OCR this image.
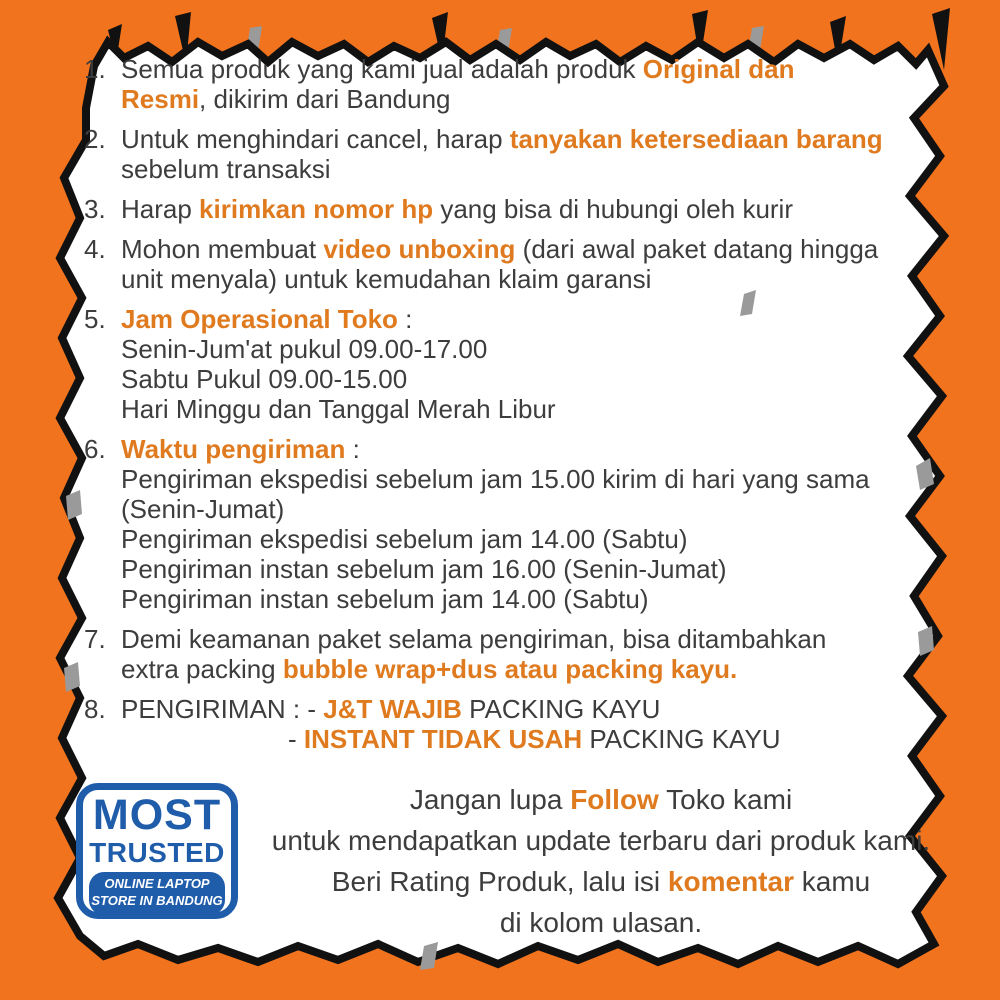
1. Semua produk yang kami jual adalah produk Original dan
Resmi, dikirim dari Bandung
2. Untuk menghindari cancel, harap tanyakan ketersediaan barang
sebelum transaksi
3. Harap kirimkan nomor hp yang bisa di hubungi oleh kurir
4. Mohon membuat video unboxing (dari awal paket datang hingga
unit menyala) untuk kemudahan klaim garansi
5. Jam Operasional Toko :
Senin-Jum'at pukul 09.00-17.00
Sabtu Pukul 09.00-15.00
Hari Minggu dan Tanggal Merah Libur
6. Waktu pengiriman :
Pengiriman ekspedisi sebelum jam 15.00 kirim di hari yang sama
(Senin-Jumat)
Pengiriman ekspedisi sebelum jam 14.00 (Sabtu)
Pengiriman instan sebelum jam 16.00 (Senin-Jumat)
Pengiriman instan sebelum jam 14.00 (Sabtu)
7. Demi keamanan paket selama pengiriman, bisa ditambahkan
extra packing bubble wrap+dus atau packing kayu.
8. PENGIRIMAN : - J&T WAJIB PACKING KAYU
- INSTANT TIDAK USAH PACKING KAYU
MOST
TRUSTED
ONLINE LAPTOP
STORE IN BANDUNG
Jangan lupa Follow Toko kami
untuk mendapatkan update terbaru dari produk kami.
Beri Rating Produk, lalu isi komentar kamu
di kolom ulasan.
